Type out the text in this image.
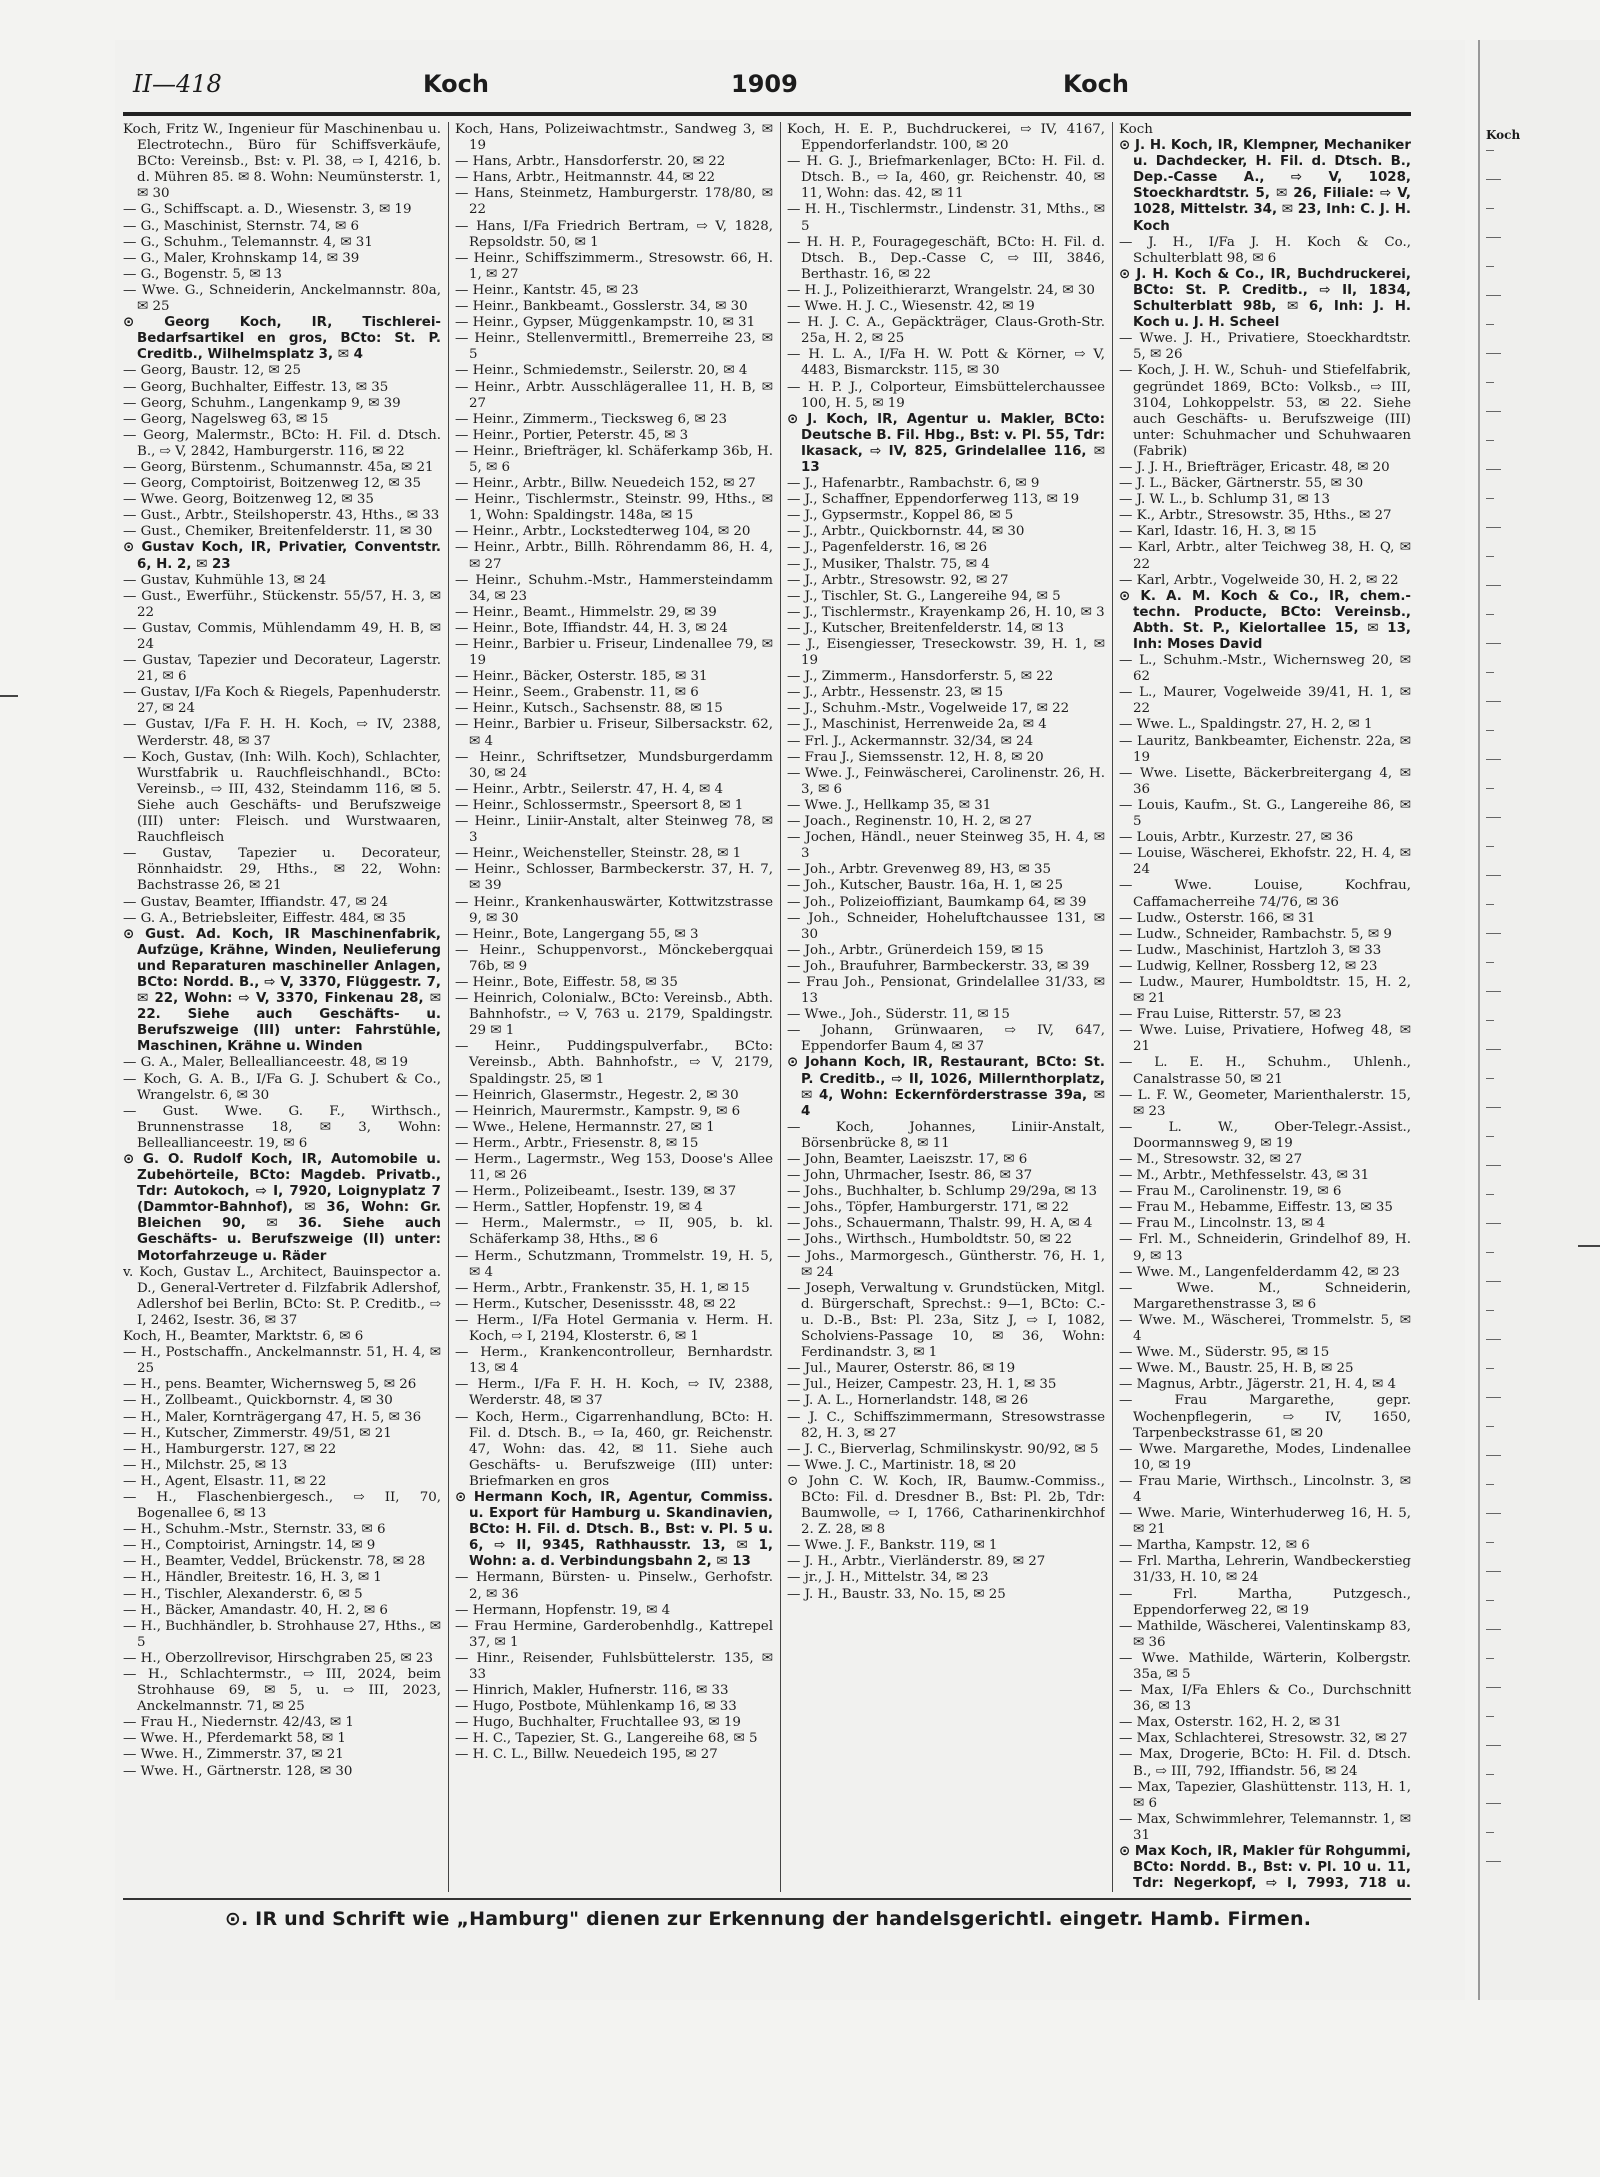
II—418	Koch	1909	Koch

Koch, Fritz W., Ingenieur für Maschinenbau u. Electrotechn., Büro für Schiffsverkäufe, BCto: Vereinsb., Bst: v. Pl. 38, ⇨ I, 4216, b. d. Mühren 85. ✉ 8. Wohn: Neumünsterstr. 1, ✉ 30

— G., Schiffscapt. a. D., Wiesenstr. 3, ✉ 19

— G., Maschinist, Sternstr. 74, ✉ 6

— G., Schuhm., Telemannstr. 4, ✉ 31

— G., Maler, Krohnskamp 14, ✉ 39

— G., Bogenstr. 5, ✉ 13

— Wwe. G., Schneiderin, Anckelmannstr. 80a, ✉ 25

⊙ Georg Koch, IR, Tischlerei-Bedarfsartikel en gros, BCto: St. P. Creditb., Wilhelmsplatz 3, ✉ 4

— Georg, Baustr. 12, ✉ 25

— Georg, Buchhalter, Eiffestr. 13, ✉ 35

— Georg, Schuhm., Langenkamp 9, ✉ 39

— Georg, Nagelsweg 63, ✉ 15

— Georg, Malermstr., BCto: H. Fil. d. Dtsch. B., ⇨ V, 2842, Hamburgerstr. 116, ✉ 22

— Georg, Bürstenm., Schumannstr. 45a, ✉ 21

— Georg, Comptoirist, Boitzenweg 12, ✉ 35

— Wwe. Georg, Boitzenweg 12, ✉ 35

— Gust., Arbtr., Steilshoperstr. 43, Hths., ✉ 33

— Gust., Chemiker, Breitenfelderstr. 11, ✉ 30

⊙ Gustav Koch, IR, Privatier, Conventstr. 6, H. 2, ✉ 23

— Gustav, Kuhmühle 13, ✉ 24

— Gust., Ewerführ., Stückenstr. 55/57, H. 3, ✉ 22

— Gustav, Commis, Mühlendamm 49, H. B, ✉ 24

— Gustav, Tapezier und Decorateur, Lagerstr. 21, ✉ 6

— Gustav, I/Fa Koch & Riegels, Papenhuderstr. 27, ✉ 24

— Gustav, I/Fa F. H. H. Koch, ⇨ IV, 2388, Werderstr. 48, ✉ 37

— Koch, Gustav, (Inh: Wilh. Koch), Schlachter, Wurstfabrik u. Rauchfleischhandl., BCto: Vereinsb., ⇨ III, 432, Steindamm 116, ✉ 5. Siehe auch Geschäfts- und Berufszweige (III) unter: Fleisch. und Wurstwaaren, Rauchfleisch

— Gustav, Tapezier u. Decorateur, Rönnhaidstr. 29, Hths., ✉ 22, Wohn: Bachstrasse 26, ✉ 21

— Gustav, Beamter, Iffiandstr. 47, ✉ 24

— G. A., Betriebsleiter, Eiffestr. 484, ✉ 35

⊙ Gust. Ad. Koch, IR Maschinenfabrik, Aufzüge, Krähne, Winden, Neulieferung und Reparaturen maschineller Anlagen, BCto: Nordd. B., ⇨ V, 3370, Flüggestr. 7, ✉ 22, Wohn: ⇨ V, 3370, Finkenau 28, ✉ 22. Siehe auch Geschäfts- u. Berufszweige (III) unter: Fahrstühle, Maschinen, Krähne u. Winden

— G. A., Maler, Belleallianceestr. 48, ✉ 19

— Koch, G. A. B., I/Fa G. J. Schubert & Co., Wrangelstr. 6, ✉ 30

— Gust. Wwe. G. F., Wirthsch., Brunnenstrasse 18, ✉ 3, Wohn: Belleallianceestr. 19, ✉ 6

⊙ G. O. Rudolf Koch, IR, Automobile u. Zubehörteile, BCto: Magdeb. Privatb., Tdr: Autokoch, ⇨ I, 7920, Loignyplatz 7 (Dammtor-Bahnhof), ✉ 36, Wohn: Gr. Bleichen 90, ✉ 36. Siehe auch Geschäfts- u. Berufszweige (II) unter: Motorfahrzeuge u. Räder

v. Koch, Gustav L., Architect, Bauinspector a. D., General-Vertreter d. Filzfabrik Adlershof, Adlershof bei Berlin, BCto: St. P. Creditb., ⇨ I, 2462, Isestr. 36, ✉ 37

Koch, H., Beamter, Marktstr. 6, ✉ 6

— H., Postschaffn., Anckelmannstr. 51, H. 4, ✉ 25

— H., pens. Beamter, Wichernsweg 5, ✉ 26

— H., Zollbeamt., Quickbornstr. 4, ✉ 30

— H., Maler, Kornträgergang 47, H. 5, ✉ 36

— H., Kutscher, Zimmerstr. 49/51, ✉ 21

— H., Hamburgerstr. 127, ✉ 22

— H., Milchstr. 25, ✉ 13

— H., Agent, Elsastr. 11, ✉ 22

— H., Flaschenbiergesch., ⇨ II, 70, Bogenallee 6, ✉ 13

— H., Schuhm.-Mstr., Sternstr. 33, ✉ 6

— H., Comptoirist, Arningstr. 14, ✉ 9

— H., Beamter, Veddel, Brückenstr. 78, ✉ 28

— H., Händler, Breitestr. 16, H. 3, ✉ 1

— H., Tischler, Alexanderstr. 6, ✉ 5

— H., Bäcker, Amandastr. 40, H. 2, ✉ 6

— H., Buchhändler, b. Strohhause 27, Hths., ✉ 5

— H., Oberzollrevisor, Hirschgraben 25, ✉ 23

— H., Schlachtermstr., ⇨ III, 2024, beim Strohhause 69, ✉ 5, u. ⇨ III, 2023, Anckelmannstr. 71, ✉ 25

— Frau H., Niedernstr. 42/43, ✉ 1

— Wwe. H., Pferdemarkt 58, ✉ 1

— Wwe. H., Zimmerstr. 37, ✉ 21

— Wwe. H., Gärtnerstr. 128, ✉ 30

Koch, Hans, Polizeiwachtmstr., Sandweg 3, ✉ 19

— Hans, Arbtr., Hansdorferstr. 20, ✉ 22

— Hans, Arbtr., Heitmannstr. 44, ✉ 22

— Hans, Steinmetz, Hamburgerstr. 178/80, ✉ 22

— Hans, I/Fa Friedrich Bertram, ⇨ V, 1828, Repsoldstr. 50, ✉ 1

— Heinr., Schiffszimmerm., Stresowstr. 66, H. 1, ✉ 27

— Heinr., Kantstr. 45, ✉ 23

— Heinr., Bankbeamt., Gosslerstr. 34, ✉ 30

— Heinr., Gypser, Müggenkampstr. 10, ✉ 31

— Heinr., Stellenvermittl., Bremerreihe 23, ✉ 5

— Heinr., Schmiedemstr., Seilerstr. 20, ✉ 4

— Heinr., Arbtr. Ausschlägerallee 11, H. B, ✉ 27

— Heinr., Zimmerm., Tiecksweg 6, ✉ 23

— Heinr., Portier, Peterstr. 45, ✉ 3

— Heinr., Briefträger, kl. Schäferkamp 36b, H. 5, ✉ 6

— Heinr., Arbtr., Billw. Neuedeich 152, ✉ 27

— Heinr., Tischlermstr., Steinstr. 99, Hths., ✉ 1, Wohn: Spaldingstr. 148a, ✉ 15

— Heinr., Arbtr., Lockstedterweg 104, ✉ 20

— Heinr., Arbtr., Billh. Röhrendamm 86, H. 4, ✉ 27

— Heinr., Schuhm.-Mstr., Hammersteindamm 34, ✉ 23

— Heinr., Beamt., Himmelstr. 29, ✉ 39

— Heinr., Bote, Iffiandstr. 44, H. 3, ✉ 24

— Heinr., Barbier u. Friseur, Lindenallee 79, ✉ 19

— Heinr., Bäcker, Osterstr. 185, ✉ 31

— Heinr., Seem., Grabenstr. 11, ✉ 6

— Heinr., Kutsch., Sachsenstr. 88, ✉ 15

— Heinr., Barbier u. Friseur, Silbersackstr. 62, ✉ 4

— Heinr., Schriftsetzer, Mundsburgerdamm 30, ✉ 24

— Heinr., Arbtr., Seilerstr. 47, H. 4, ✉ 4

— Heinr., Schlossermstr., Speersort 8, ✉ 1

— Heinr., Liniir-Anstalt, alter Steinweg 78, ✉ 3

— Heinr., Weichensteller, Steinstr. 28, ✉ 1

— Heinr., Schlosser, Barmbeckerstr. 37, H. 7, ✉ 39

— Heinr., Krankenhauswärter, Kottwitzstrasse 9, ✉ 30

— Heinr., Bote, Langergang 55, ✉ 3

— Heinr., Schuppenvorst., Mönckebergquai 76b, ✉ 9

— Heinr., Bote, Eiffestr. 58, ✉ 35

— Heinrich, Colonialw., BCto: Vereinsb., Abth. Bahnhofstr., ⇨ V, 763 u. 2179, Spaldingstr. 29 ✉ 1

— Heinr., Puddingspulverfabr., BCto: Vereinsb., Abth. Bahnhofstr., ⇨ V, 2179, Spaldingstr. 25, ✉ 1

— Heinrich, Glasermstr., Hegestr. 2, ✉ 30

— Heinrich, Maurermstr., Kampstr. 9, ✉ 6

— Wwe., Helene, Hermannstr. 27, ✉ 1

— Herm., Arbtr., Friesenstr. 8, ✉ 15

— Herm., Lagermstr., Weg 153, Doose's Allee 11, ✉ 26

— Herm., Polizeibeamt., Isestr. 139, ✉ 37

— Herm., Sattler, Hopfenstr. 19, ✉ 4

— Herm., Malermstr., ⇨ II, 905, b. kl. Schäferkamp 38, Hths., ✉ 6

— Herm., Schutzmann, Trommelstr. 19, H. 5, ✉ 4

— Herm., Arbtr., Frankenstr. 35, H. 1, ✉ 15

— Herm., Kutscher, Desenissstr. 48, ✉ 22

— Herm., I/Fa Hotel Germania v. Herm. H. Koch, ⇨ I, 2194, Klosterstr. 6, ✉ 1

— Herm., Krankencontrolleur, Bernhardstr. 13, ✉ 4

— Herm., I/Fa F. H. H. Koch, ⇨ IV, 2388, Werderstr. 48, ✉ 37

— Koch, Herm., Cigarrenhandlung, BCto: H. Fil. d. Dtsch. B., ⇨ Ia, 460, gr. Reichenstr. 47, Wohn: das. 42, ✉ 11. Siehe auch Geschäfts- u. Berufszweige (III) unter: Briefmarken en gros

⊙ Hermann Koch, IR, Agentur, Commiss. u. Export für Hamburg u. Skandinavien, BCto: H. Fil. d. Dtsch. B., Bst: v. Pl. 5 u. 6, ⇨ II, 9345, Rathhausstr. 13, ✉ 1, Wohn: a. d. Verbindungsbahn 2, ✉ 13

— Hermann, Bürsten- u. Pinselw., Gerhofstr. 2, ✉ 36

— Hermann, Hopfenstr. 19, ✉ 4

— Frau Hermine, Garderobenhdlg., Kattrepel 37, ✉ 1

— Hinr., Reisender, Fuhlsbüttelerstr. 135, ✉ 33

— Hinrich, Makler, Hufnerstr. 116, ✉ 33

— Hugo, Postbote, Mühlenkamp 16, ✉ 33

— Hugo, Buchhalter, Fruchtallee 93, ✉ 19

— H. C., Tapezier, St. G., Langereihe 68, ✉ 5

— H. C. L., Billw. Neuedeich 195, ✉ 27

Koch, H. E. P., Buchdruckerei, ⇨ IV, 4167, Eppendorferlandstr. 100, ✉ 20

— H. G. J., Briefmarkenlager, BCto: H. Fil. d. Dtsch. B., ⇨ Ia, 460, gr. Reichenstr. 40, ✉ 11, Wohn: das. 42, ✉ 11

— H. H., Tischlermstr., Lindenstr. 31, Mths., ✉ 5

— H. H. P., Fouragegeschäft, BCto: H. Fil. d. Dtsch. B., Dep.-Casse C, ⇨ III, 3846, Berthastr. 16, ✉ 22

— H. J., Polizeithierarzt, Wrangelstr. 24, ✉ 30

— Wwe. H. J. C., Wiesenstr. 42, ✉ 19

— H. J. C. A., Gepäckträger, Claus-Groth-Str. 25a, H. 2, ✉ 25

— H. L. A., I/Fa H. W. Pott & Körner, ⇨ V, 4483, Bismarckstr. 115, ✉ 30

— H. P. J., Colporteur, Eimsbüttelerchaussee 100, H. 5, ✉ 19

⊙ J. Koch, IR, Agentur u. Makler, BCto: Deutsche B. Fil. Hbg., Bst: v. Pl. 55, Tdr: Ikasack, ⇨ IV, 825, Grindelallee 116, ✉ 13

— J., Hafenarbtr., Rambachstr. 6, ✉ 9

— J., Schaffner, Eppendorferweg 113, ✉ 19

— J., Gypsermstr., Koppel 86, ✉ 5

— J., Arbtr., Quickbornstr. 44, ✉ 30

— J., Pagenfelderstr. 16, ✉ 26

— J., Musiker, Thalstr. 75, ✉ 4

— J., Arbtr., Stresowstr. 92, ✉ 27

— J., Tischler, St. G., Langereihe 94, ✉ 5

— J., Tischlermstr., Krayenkamp 26, H. 10, ✉ 3

— J., Kutscher, Breitenfelderstr. 14, ✉ 13

— J., Eisengiesser, Treseckowstr. 39, H. 1, ✉ 19

— J., Zimmerm., Hansdorferstr. 5, ✉ 22

— J., Arbtr., Hessenstr. 23, ✉ 15

— J., Schuhm.-Mstr., Vogelweide 17, ✉ 22

— J., Maschinist, Herrenweide 2a, ✉ 4

— Frl. J., Ackermannstr. 32/34, ✉ 24

— Frau J., Siemssenstr. 12, H. 8, ✉ 20

— Wwe. J., Feinwäscherei, Carolinenstr. 26, H. 3, ✉ 6

— Wwe. J., Hellkamp 35, ✉ 31

— Joach., Reginenstr. 10, H. 2, ✉ 27

— Jochen, Händl., neuer Steinweg 35, H. 4, ✉ 3

— Joh., Arbtr. Grevenweg 89, H3, ✉ 35

— Joh., Kutscher, Baustr. 16a, H. 1, ✉ 25

— Joh., Polizeioffiziant, Baumkamp 64, ✉ 39

— Joh., Schneider, Hoheluftchaussee 131, ✉ 30

— Joh., Arbtr., Grünerdeich 159, ✉ 15

— Joh., Braufuhrer, Barmbeckerstr. 33, ✉ 39

— Frau Joh., Pensionat, Grindelallee 31/33, ✉ 13

— Wwe., Joh., Süderstr. 11, ✉ 15

— Johann, Grünwaaren, ⇨ IV, 647, Eppendorfer Baum 4, ✉ 37

⊙ Johann Koch, IR, Restaurant, BCto: St. P. Creditb., ⇨ II, 1026, Millernthorplatz, ✉ 4, Wohn: Eckernförderstrasse 39a, ✉ 4

— Koch, Johannes, Liniir-Anstalt, Börsenbrücke 8, ✉ 11

— John, Beamter, Laeiszstr. 17, ✉ 6

— John, Uhrmacher, Isestr. 86, ✉ 37

— Johs., Buchhalter, b. Schlump 29/29a, ✉ 13

— Johs., Töpfer, Hamburgerstr. 171, ✉ 22

— Johs., Schauermann, Thalstr. 99, H. A, ✉ 4

— Johs., Wirthsch., Humboldtstr. 50, ✉ 22

— Johs., Marmorgesch., Güntherstr. 76, H. 1, ✉ 24

— Joseph, Verwaltung v. Grundstücken, Mitgl. d. Bürgerschaft, Sprechst.: 9—1, BCto: C.- u. D.-B., Bst: Pl. 23a, Sitz J, ⇨ I, 1082, Scholviens-Passage 10, ✉ 36, Wohn: Ferdinandstr. 3, ✉ 1

— Jul., Maurer, Osterstr. 86, ✉ 19

— Jul., Heizer, Campestr. 23, H. 1, ✉ 35

— J. A. L., Hornerlandstr. 148, ✉ 26

— J. C., Schiffszimmermann, Stresowstrasse 82, H. 3, ✉ 27

— J. C., Bierverlag, Schmilinskystr. 90/92, ✉ 5

— Wwe. J. C., Martinistr. 18, ✉ 20

⊙ John C. W. Koch, IR, Baumw.-Commiss., BCto: Fil. d. Dresdner B., Bst: Pl. 2b, Tdr: Baumwolle, ⇨ I, 1766, Catharinenkirchhof 2. Z. 28, ✉ 8

— Wwe. J. F., Bankstr. 119, ✉ 1

— J. H., Arbtr., Vierländerstr. 89, ✉ 27

— jr., J. H., Mittelstr. 34, ✉ 23

— J. H., Baustr. 33, No. 15, ✉ 25

Koch

⊙ J. H. Koch, IR, Klempner, Mechaniker u. Dachdecker, H. Fil. d. Dtsch. B., Dep.-Casse A., ⇨ V, 1028, Stoeckhardtstr. 5, ✉ 26, Filiale: ⇨ V, 1028, Mittelstr. 34, ✉ 23, Inh: C. J. H. Koch

— J. H., I/Fa J. H. Koch & Co., Schulterblatt 98, ✉ 6

⊙ J. H. Koch & Co., IR, Buchdruckerei, BCto: St. P. Creditb., ⇨ II, 1834, Schulterblatt 98b, ✉ 6, Inh: J. H. Koch u. J. H. Scheel

— Wwe. J. H., Privatiere, Stoeckhardtstr. 5, ✉ 26

— Koch, J. H. W., Schuh- und Stiefelfabrik, gegründet 1869, BCto: Volksb., ⇨ III, 3104, Lohkoppelstr. 53, ✉ 22. Siehe auch Geschäfts- u. Berufszweige (III) unter: Schuhmacher und Schuhwaaren (Fabrik)

— J. J. H., Briefträger, Ericastr. 48, ✉ 20

— J. L., Bäcker, Gärtnerstr. 55, ✉ 30

— J. W. L., b. Schlump 31, ✉ 13

— K., Arbtr., Stresowstr. 35, Hths., ✉ 27

— Karl, Idastr. 16, H. 3, ✉ 15

— Karl, Arbtr., alter Teichweg 38, H. Q, ✉ 22

— Karl, Arbtr., Vogelweide 30, H. 2, ✉ 22

⊙ K. A. M. Koch & Co., IR, chem.-techn. Producte, BCto: Vereinsb., Abth. St. P., Kielortallee 15, ✉ 13, Inh: Moses David

— L., Schuhm.-Mstr., Wichernsweg 20, ✉ 62

— L., Maurer, Vogelweide 39/41, H. 1, ✉ 22

— Wwe. L., Spaldingstr. 27, H. 2, ✉ 1

— Lauritz, Bankbeamter, Eichenstr. 22a, ✉ 19

— Wwe. Lisette, Bäckerbreitergang 4, ✉ 36

— Louis, Kaufm., St. G., Langereihe 86, ✉ 5

— Louis, Arbtr., Kurzestr. 27, ✉ 36

— Louise, Wäscherei, Ekhofstr. 22, H. 4, ✉ 24

— Wwe. Louise, Kochfrau, Caffamacherreihe 74/76, ✉ 36

— Ludw., Osterstr. 166, ✉ 31

— Ludw., Schneider, Rambachstr. 5, ✉ 9

— Ludw., Maschinist, Hartzloh 3, ✉ 33

— Ludwig, Kellner, Rossberg 12, ✉ 23

— Ludw., Maurer, Humboldtstr. 15, H. 2, ✉ 21

— Frau Luise, Ritterstr. 57, ✉ 23

— Wwe. Luise, Privatiere, Hofweg 48, ✉ 21

— L. E. H., Schuhm., Uhlenh., Canalstrasse 50, ✉ 21

— L. F. W., Geometer, Marienthalerstr. 15, ✉ 23

— L. W., Ober-Telegr.-Assist., Doormannsweg 9, ✉ 19

— M., Stresowstr. 32, ✉ 27

— M., Arbtr., Methfesselstr. 43, ✉ 31

— Frau M., Carolinenstr. 19, ✉ 6

— Frau M., Hebamme, Eiffestr. 13, ✉ 35

— Frau M., Lincolnstr. 13, ✉ 4

— Frl. M., Schneiderin, Grindelhof 89, H. 9, ✉ 13

— Wwe. M., Langenfelderdamm 42, ✉ 23

— Wwe. M., Schneiderin, Margarethenstrasse 3, ✉ 6

— Wwe. M., Wäscherei, Trommelstr. 5, ✉ 4

— Wwe. M., Süderstr. 95, ✉ 15

— Wwe. M., Baustr. 25, H. B, ✉ 25

— Magnus, Arbtr., Jägerstr. 21, H. 4, ✉ 4

— Frau Margarethe, gepr. Wochenpflegerin, ⇨ IV, 1650, Tarpenbeckstrasse 61, ✉ 20

— Wwe. Margarethe, Modes, Lindenallee 10, ✉ 19

— Frau Marie, Wirthsch., Lincolnstr. 3, ✉ 4

— Wwe. Marie, Winterhuderweg 16, H. 5, ✉ 21

— Martha, Kampstr. 12, ✉ 6

— Frl. Martha, Lehrerin, Wandbeckerstieg 31/33, H. 10, ✉ 24

— Frl. Martha, Putzgesch., Eppendorferweg 22, ✉ 19

— Mathilde, Wäscherei, Valentinskamp 83, ✉ 36

— Wwe. Mathilde, Wärterin, Kolbergstr. 35a, ✉ 5

— Max, I/Fa Ehlers & Co., Durchschnitt 36, ✉ 13

— Max, Osterstr. 162, H. 2, ✉ 31

— Max, Schlachterei, Stresowstr. 32, ✉ 27

— Max, Drogerie, BCto: H. Fil. d. Dtsch. B., ⇨ III, 792, Iffiandstr. 56, ✉ 24

— Max, Tapezier, Glashüttenstr. 113, H. 1, ✉ 6

— Max, Schwimmlehrer, Telemannstr. 1, ✉ 31

⊙ Max Koch, IR, Makler für Rohgummi, BCto: Nordd. B., Bst: v. Pl. 10 u. 11, Tdr: Negerkopf, ⇨ I, 7993, 718 u.

⊙. IR und Schrift wie „Hamburg" dienen zur Erkennung der handelsgerichtl. eingetr. Hamb. Firmen.
Koch
